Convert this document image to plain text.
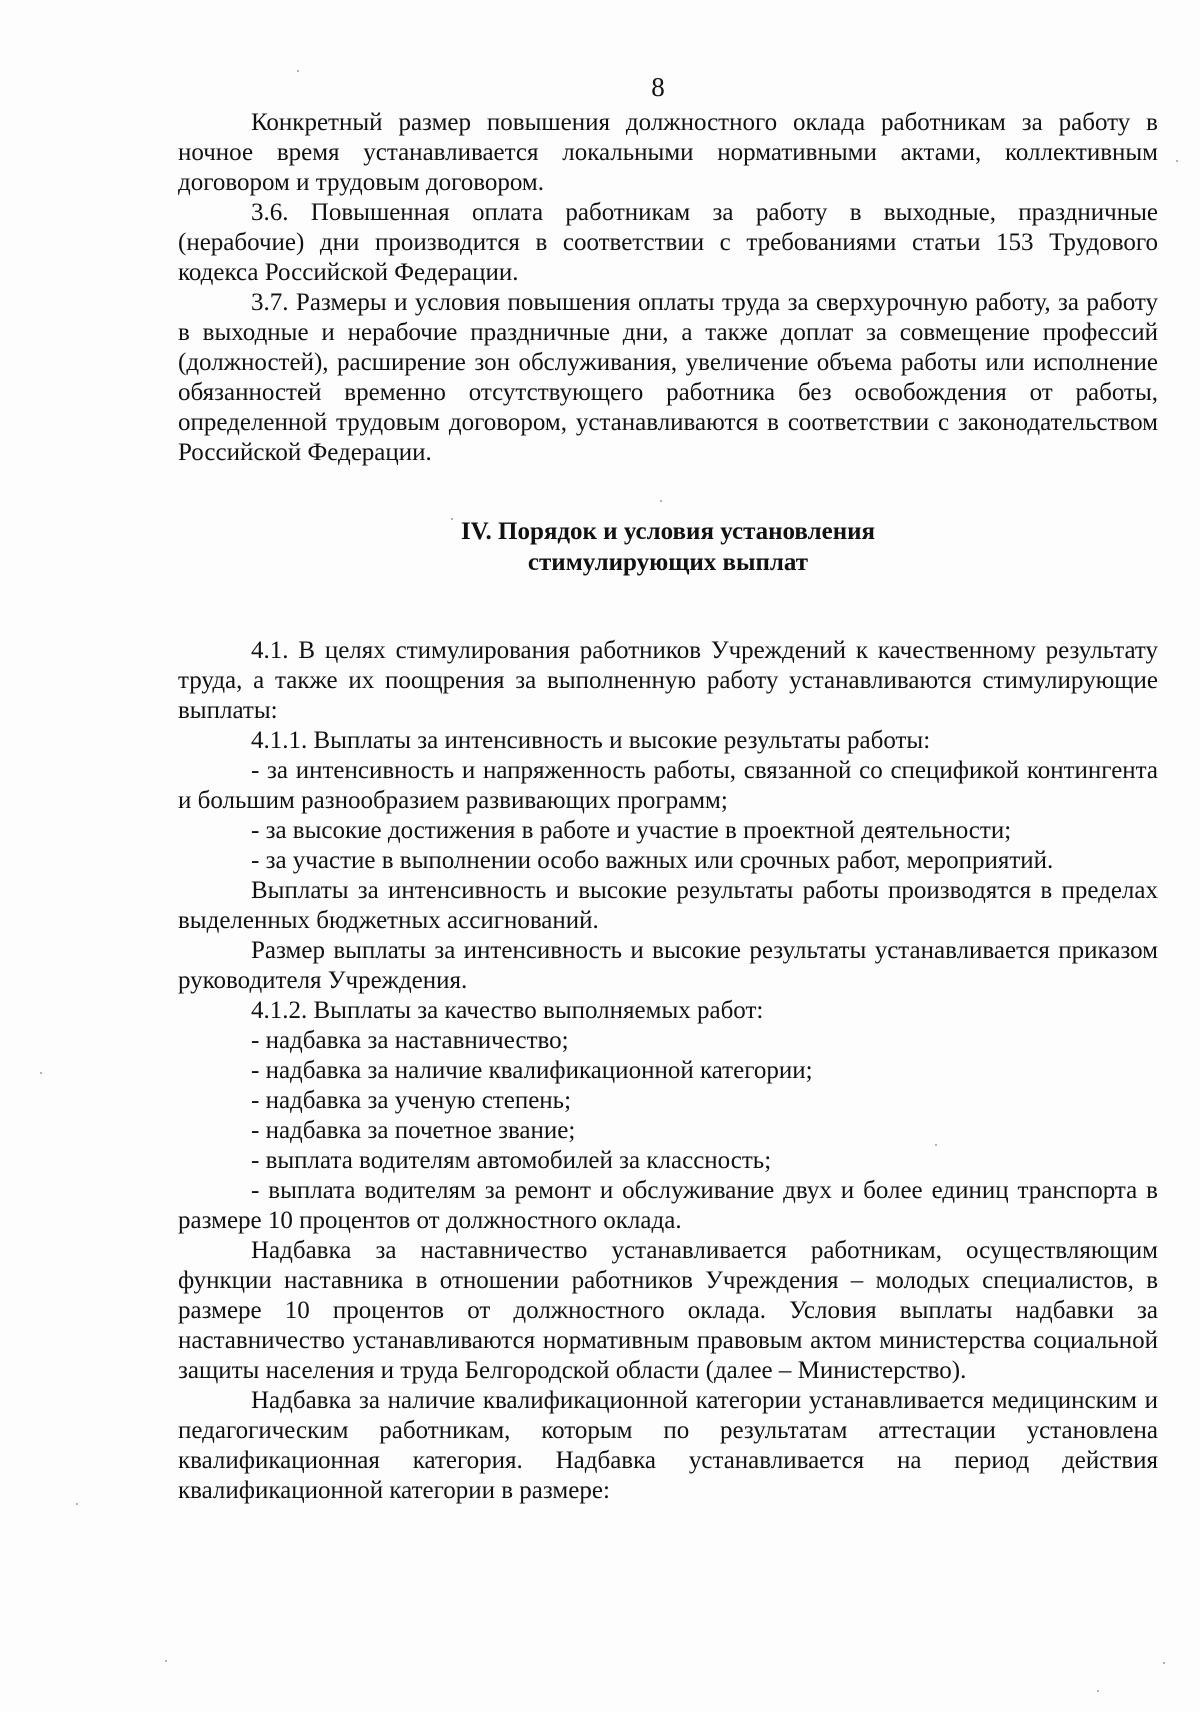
8

Конкретный размер повышения должностного оклада работникам за работу в ночное время устанавливается локальными нормативными актами, коллективным договором и трудовым договором.

3.6. Повышенная оплата работникам за работу в выходные, праздничные (нерабочие) дни производится в соответствии с требованиями статьи 153 Трудового кодекса Российской Федерации.

3.7. Размеры и условия повышения оплаты труда за сверхурочную работу, за работу в выходные и нерабочие праздничные дни, а также доплат за совмещение профессий (должностей), расширение зон обслуживания, увеличение объема работы или исполнение обязанностей временно отсутствующего работника без освобождения от работы, определенной трудовым договором, устанавливаются в соответствии с законодательством Российской Федерации.

IV. Порядок и условия установления
стимулирующих выплат

4.1. В целях стимулирования работников Учреждений к качественному результату труда, а также их поощрения за выполненную работу устанавливаются стимулирующие выплаты:

4.1.1. Выплаты за интенсивность и высокие результаты работы:

- за интенсивность и напряженность работы, связанной со спецификой контингента и большим разнообразием развивающих программ;

- за высокие достижения в работе и участие в проектной деятельности;

- за участие в выполнении особо важных или срочных работ, мероприятий.

Выплаты за интенсивность и высокие результаты работы производятся в пределах выделенных бюджетных ассигнований.

Размер выплаты за интенсивность и высокие результаты устанавливается приказом руководителя Учреждения.

4.1.2. Выплаты за качество выполняемых работ:

- надбавка за наставничество;

- надбавка за наличие квалификационной категории;

- надбавка за ученую степень;

- надбавка за почетное звание;

- выплата водителям автомобилей за классность;

- выплата водителям за ремонт и обслуживание двух и более единиц транспорта в размере 10 процентов от должностного оклада.

Надбавка за наставничество устанавливается работникам, осуществляющим функции наставника в отношении работников Учреждения – молодых специалистов, в размере 10 процентов от должностного оклада. Условия выплаты надбавки за наставничество устанавливаются нормативным правовым актом министерства социальной защиты населения и труда Белгородской области (далее – Министерство).

Надбавка за наличие квалификационной категории устанавливается медицинским и педагогическим работникам, которым по результатам аттестации установлена квалификационная категория. Надбавка устанавливается на период действия квалификационной категории в размере:
